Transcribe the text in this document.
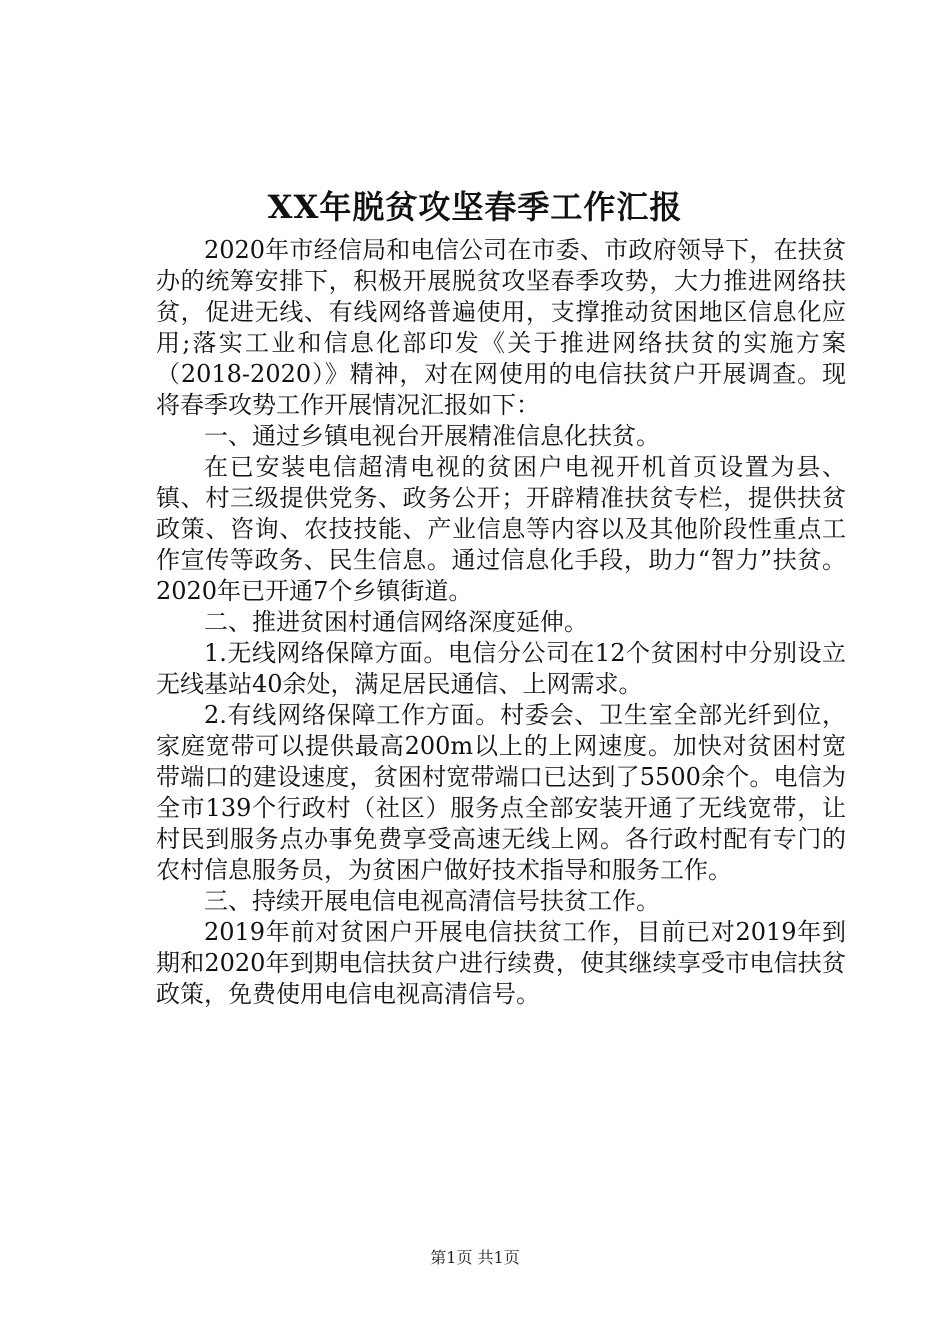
XX年脱贫攻坚春季工作汇报

2020年市经信局和电信公司在市委、市政府领导下，在扶贫办的统筹安排下，积极开展脱贫攻坚春季攻势，大力推进网络扶贫，促进无线、有线网络普遍使用，支撑推动贫困地区信息化应用;落实工业和信息化部印发《关于推进网络扶贫的实施方案（2018-2020）》精神，对在网使用的电信扶贫户开展调查。现将春季攻势工作开展情况汇报如下：

一、通过乡镇电视台开展精准信息化扶贫。

在已安装电信超清电视的贫困户电视开机首页设置为县、镇、村三级提供党务、政务公开；开辟精准扶贫专栏，提供扶贫政策、咨询、农技技能、产业信息等内容以及其他阶段性重点工作宣传等政务、民生信息。通过信息化手段，助力“智力”扶贫。2020年已开通7个乡镇街道。

二、推进贫困村通信网络深度延伸。

1.无线网络保障方面。电信分公司在12个贫困村中分别设立无线基站40余处，满足居民通信、上网需求。

2.有线网络保障工作方面。村委会、卫生室全部光纤到位，家庭宽带可以提供最高200m以上的上网速度。加快对贫困村宽带端口的建设速度，贫困村宽带端口已达到了5500余个。电信为全市139个行政村（社区）服务点全部安装开通了无线宽带，让村民到服务点办事免费享受高速无线上网。各行政村配有专门的农村信息服务员，为贫困户做好技术指导和服务工作。

三、持续开展电信电视高清信号扶贫工作。

2019年前对贫困户开展电信扶贫工作，目前已对2019年到期和2020年到期电信扶贫户进行续费，使其继续享受市电信扶贫政策，免费使用电信电视高清信号。

第1页 共1页
